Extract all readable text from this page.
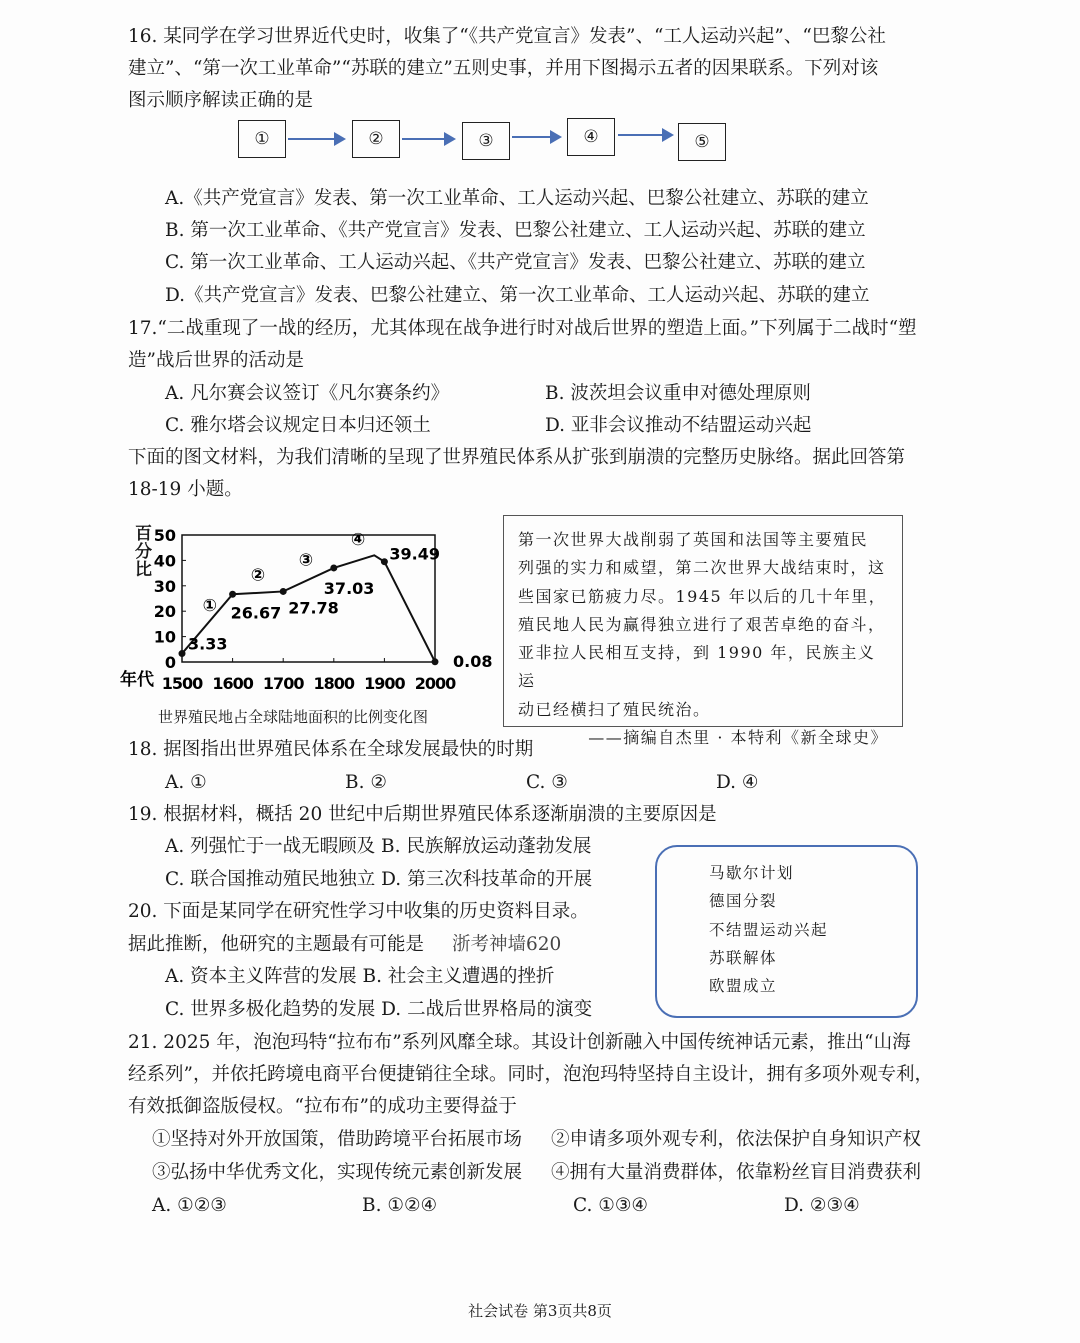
16. 某同学在学习世界近代史时，收集了“《共产党宣言》发表”、“工人运动兴起”、“巴黎公社
建立”、“第一次工业革命”“苏联的建立”五则史事，并用下图揭示五者的因果联系。下列对该
图示顺序解读正确的是
①	②	③	④	⑤
A.《共产党宣言》发表、第一次工业革命、工人运动兴起、巴黎公社建立、苏联的建立
B. 第一次工业革命、《共产党宣言》发表、巴黎公社建立、工人运动兴起、苏联的建立
C. 第一次工业革命、工人运动兴起、《共产党宣言》发表、巴黎公社建立、苏联的建立
D.《共产党宣言》发表、巴黎公社建立、第一次工业革命、工人运动兴起、苏联的建立
17.“二战重现了一战的经历，尤其体现在战争进行时对战后世界的塑造上面。”下列属于二战时“塑
造”战后世界的活动是
A. 凡尔赛会议签订《凡尔赛条约》	B. 波茨坦会议重申对德处理原则
C. 雅尔塔会议规定日本归还领土	D. 亚非会议推动不结盟运动兴起
下面的图文材料，为我们清晰的呈现了世界殖民体系从扩张到崩溃的完整历史脉络。据此回答第
18-19 小题。
0
10
20
30
40
50
1500 1600 1700 1800 1900 2000
年代
3.33
26.67 27.78
37.03
39.49
0.08
①
②
③
④
百分比
世界殖民地占全球陆地面积的比例变化图
第一次世界大战削弱了英国和法国等主要殖民
列强的实力和威望，第二次世界大战结束时，这
些国家已筋疲力尽。1945 年以后的几十年里，
殖民地人民为赢得独立进行了艰苦卓绝的奋斗，
亚非拉人民相互支持，到 1990 年，民族主义运
动已经横扫了殖民统治。
——摘编自杰里 · 本特利《新全球史》
18. 据图指出世界殖民体系在全球发展最快的时期
A. ①	B. ②	C. ③	D. ④
19. 根据材料，概括 20 世纪中后期世界殖民体系逐渐崩溃的主要原因是
A. 列强忙于一战无暇顾及 B. 民族解放运动蓬勃发展
C. 联合国推动殖民地独立 D. 第三次科技革命的开展
20. 下面是某同学在研究性学习中收集的历史资料目录。
据此推断，他研究的主题最有可能是 浙考神墙620
A. 资本主义阵营的发展 B. 社会主义遭遇的挫折
C. 世界多极化趋势的发展 D. 二战后世界格局的演变
马歇尔计划
德国分裂
不结盟运动兴起
苏联解体
欧盟成立
21. 2025 年，泡泡玛特“拉布布”系列风靡全球。其设计创新融入中国传统神话元素，推出“山海
经系列”，并依托跨境电商平台便捷销往全球。同时，泡泡玛特坚持自主设计，拥有多项外观专利，
有效抵御盗版侵权。“拉布布”的成功主要得益于
①坚持对外开放国策，借助跨境平台拓展市场 ②申请多项外观专利，依法保护自身知识产权
③弘扬中华优秀文化，实现传统元素创新发展 ④拥有大量消费群体，依靠粉丝盲目消费获利
A. ①②③	B. ①②④	C. ①③④	D. ②③④
社会试卷 第3页共8页
